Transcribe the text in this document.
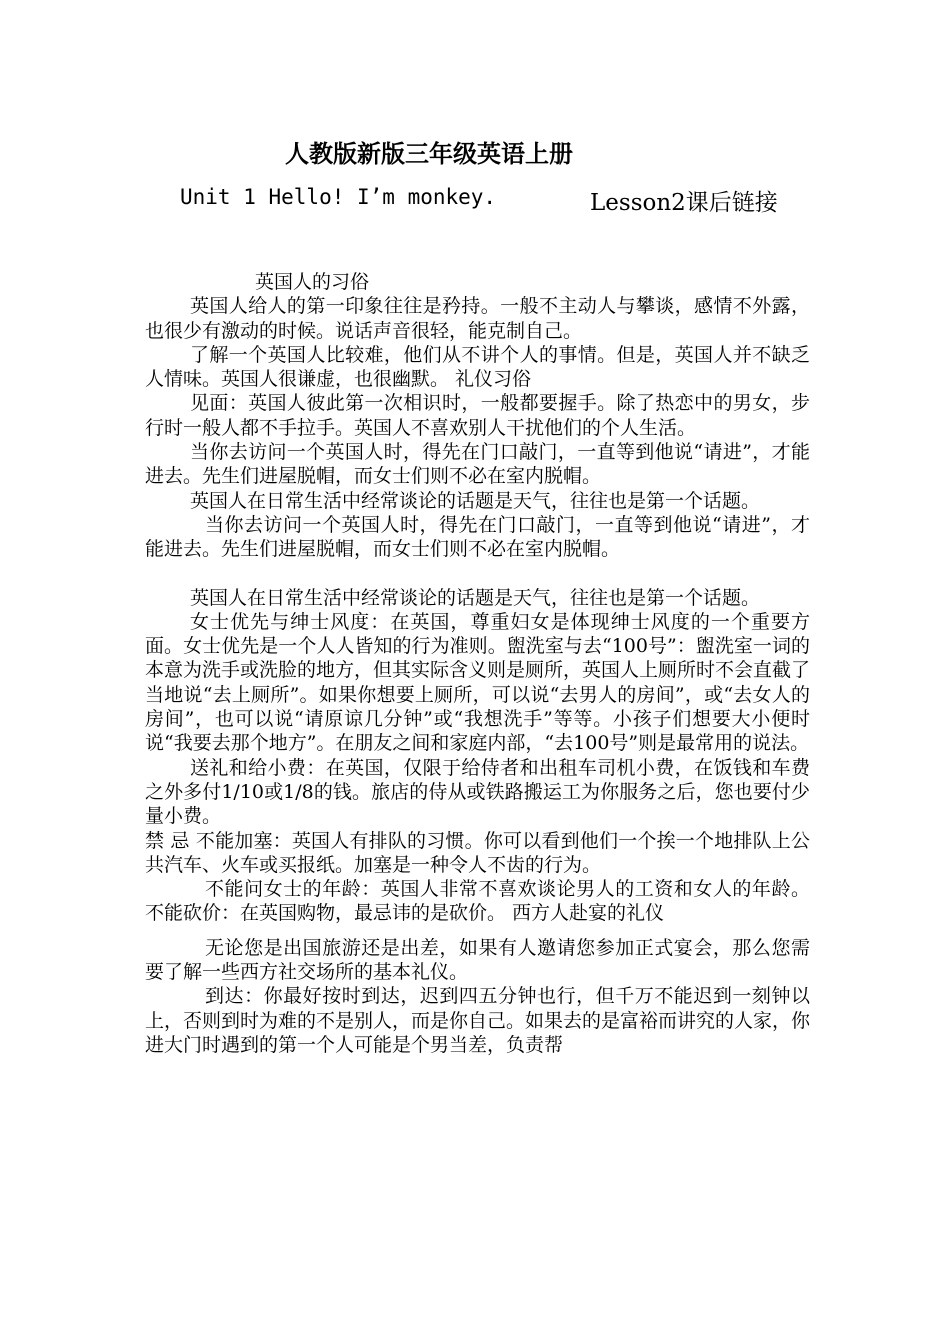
人教版新版三年级英语上册
Unit 1 Hello! I’m monkey.	Lesson2课后链接

英国人的习俗

英国人给人的第一印象往往是矜持。一般不主动人与攀谈，感情不外露，也很少有激动的时候。说话声音很轻，能克制自己。

了解一个英国人比较难，他们从不讲个人的事情。但是，英国人并不缺乏人情味。英国人很谦虚，也很幽默。 礼仪习俗

见面：英国人彼此第一次相识时，一般都要握手。除了热恋中的男女，步行时一般人都不手拉手。英国人不喜欢别人干扰他们的个人生活。

当你去访问一个英国人时，得先在门口敲门，一直等到他说“请进”，才能进去。先生们进屋脱帽，而女士们则不必在室内脱帽。

英国人在日常生活中经常谈论的话题是天气，往往也是第一个话题。

当你去访问一个英国人时，得先在门口敲门，一直等到他说“请进”，才能进去。先生们进屋脱帽，而女士们则不必在室内脱帽。

英国人在日常生活中经常谈论的话题是天气，往往也是第一个话题。

女士优先与绅士风度：在英国，尊重妇女是体现绅士风度的一个重要方面。女士优先是一个人人皆知的行为准则。盥洗室与去“100号”：盥洗室一词的本意为洗手或洗脸的地方，但其实际含义则是厕所，英国人上厕所时不会直截了当地说“去上厕所”。如果你想要上厕所，可以说“去男人的房间”，或“去女人的房间”，也可以说“请原谅几分钟”或“我想洗手”等等。小孩子们想要大小便时说“我要去那个地方”。在朋友之间和家庭内部，“去100号”则是最常用的说法。

送礼和给小费：在英国，仅限于给侍者和出租车司机小费，在饭钱和车费之外多付1/10或1/8的钱。旅店的侍从或铁路搬运工为你服务之后，您也要付少量小费。

禁 忌 不能加塞：英国人有排队的习惯。你可以看到他们一个挨一个地排队上公共汽车、火车或买报纸。加塞是一种令人不齿的行为。

不能问女士的年龄：英国人非常不喜欢谈论男人的工资和女人的年龄。不能砍价：在英国购物，最忌讳的是砍价。 西方人赴宴的礼仪

无论您是出国旅游还是出差，如果有人邀请您参加正式宴会，那么您需要了解一些西方社交场所的基本礼仪。

到达：你最好按时到达，迟到四五分钟也行，但千万不能迟到一刻钟以上，否则到时为难的不是别人，而是你自己。如果去的是富裕而讲究的人家，你进大门时遇到的第一个人可能是个男当差，负责帮
